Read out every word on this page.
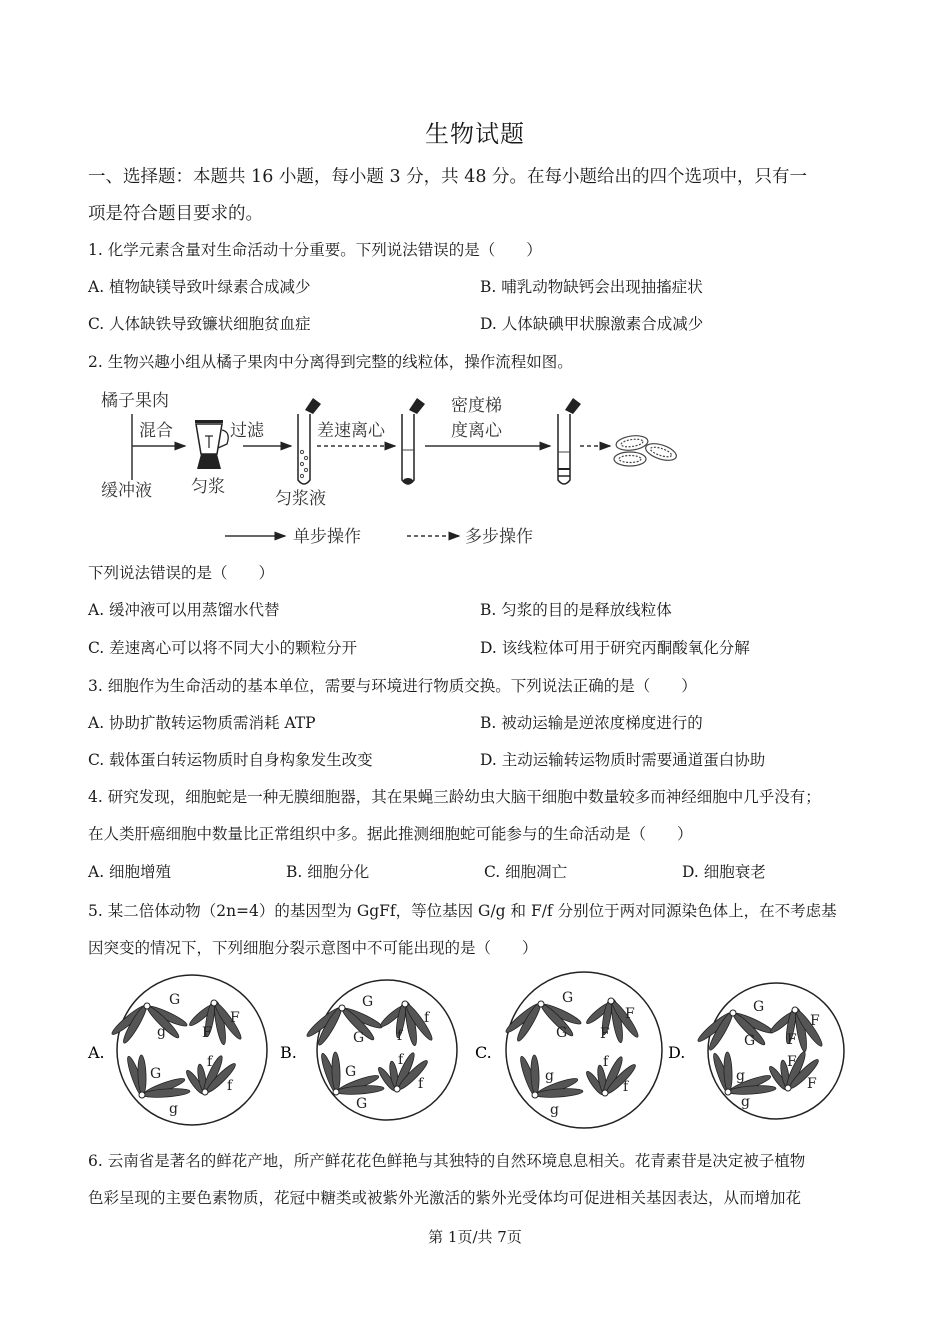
生物试题
一、选择题：本题共 16 小题，每小题 3 分，共 48 分。在每小题给出的四个选项中，只有一
项是符合题目要求的。
1. 化学元素含量对生命活动十分重要。下列说法错误的是（　　）
A. 植物缺镁导致叶绿素合成减少	B. 哺乳动物缺钙会出现抽搐症状
C. 人体缺铁导致镰状细胞贫血症	D. 人体缺碘甲状腺激素合成减少
2. 生物兴趣小组从橘子果肉中分离得到完整的线粒体，操作流程如图。
橘子果肉
缓冲液
混合
匀浆
过滤
匀浆液
差速离心
密度梯
度离心
单步操作	多步操作
下列说法错误的是（　　）
A. 缓冲液可以用蒸馏水代替	B. 匀浆的目的是释放线粒体
C. 差速离心可以将不同大小的颗粒分开	D. 该线粒体可用于研究丙酮酸氧化分解
3. 细胞作为生命活动的基本单位，需要与环境进行物质交换。下列说法正确的是（　　）
A. 协助扩散转运物质需消耗 ATP	B. 被动运输是逆浓度梯度进行的
C. 载体蛋白转运物质时自身构象发生改变	D. 主动运输转运物质时需要通道蛋白协助
4. 研究发现，细胞蛇是一种无膜细胞器，其在果蝇三龄幼虫大脑干细胞中数量较多而神经细胞中几乎没有；
在人类肝癌细胞中数量比正常组织中多。据此推测细胞蛇可能参与的生命活动是（　　）
A. 细胞增殖	B. 细胞分化	C. 细胞凋亡	D. 细胞衰老
5. 某二倍体动物（2n=4）的基因型为 GgFf，等位基因 G/g 和 F/f 分别位于两对同源染色体上，在不考虑基
因突变的情况下，下列细胞分裂示意图中不可能出现的是（　　）
A.
G
g	F
F
G
g
f
f
B.
G
G f
f
G
G
f
f
C.
G
G F
F
g
g
f
f
D.
G
G F
F
g
g
F
F
6. 云南省是著名的鲜花产地，所产鲜花花色鲜艳与其独特的自然环境息息相关。花青素苷是决定被子植物
色彩呈现的主要色素物质，花冠中糖类或被紫外光激活的紫外光受体均可促进相关基因表达，从而增加花
第 1页/共 7页
